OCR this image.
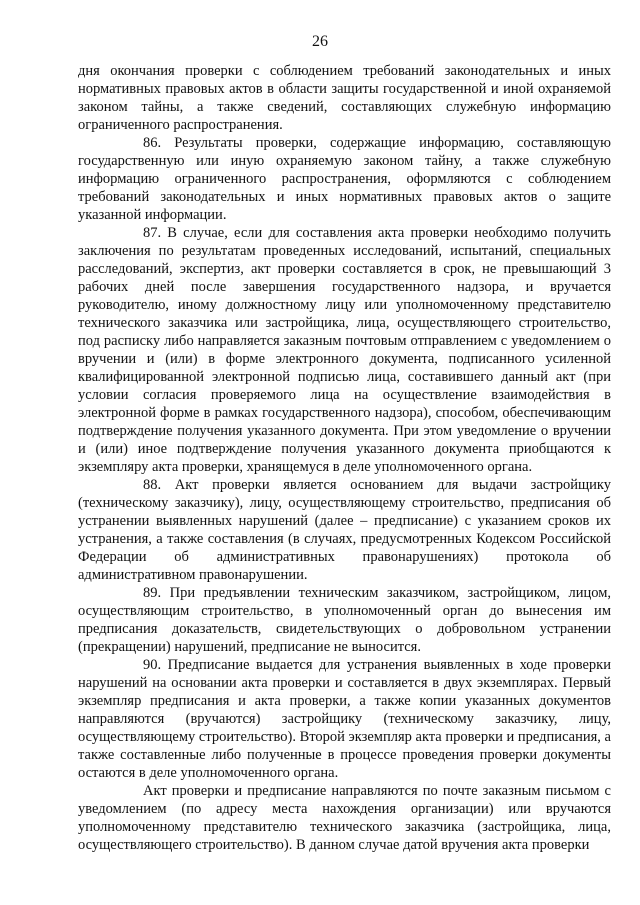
26

дня окончания проверки с соблюдением требований законодательных и иных нормативных правовых актов в области защиты государственной и иной охраняемой законом тайны, а также сведений, составляющих служебную информацию ограниченного распространения.

86. Результаты проверки, содержащие информацию, составляющую государственную или иную охраняемую законом тайну, а также служебную информацию ограниченного распространения, оформляются с соблюдением требований законодательных и иных нормативных правовых актов о защите указанной информации.

87. В случае, если для составления акта проверки необходимо получить заключения по результатам проведенных исследований, испытаний, специальных расследований, экспертиз, акт проверки составляется в срок, не превышающий 3 рабочих дней после завершения государственного надзора, и вручается руководителю, иному должностному лицу или уполномоченному представителю технического заказчика или застройщика, лица, осуществляющего строительство, под расписку либо направляется заказным почтовым отправлением с уведомлением о вручении и (или) в форме электронного документа, подписанного усиленной квалифицированной электронной подписью лица, составившего данный акт (при условии согласия проверяемого лица на осуществление взаимодействия в электронной форме в рамках государственного надзора), способом, обеспечивающим подтверждение получения указанного документа. При этом уведомление о вручении и (или) иное подтверждение получения указанного документа приобщаются к экземпляру акта проверки, хранящемуся в деле уполномоченного органа.

88. Акт проверки является основанием для выдачи застройщику (техническому заказчику), лицу, осуществляющему строительство, предписания об устранении выявленных нарушений (далее – предписание) с указанием сроков их устранения, а также составления (в случаях, предусмотренных Кодексом Российской Федерации об административных правонарушениях) протокола об административном правонарушении.

89. При предъявлении техническим заказчиком, застройщиком, лицом, осуществляющим строительство, в уполномоченный орган до вынесения им предписания доказательств, свидетельствующих о добровольном устранении (прекращении) нарушений, предписание не выносится.

90. Предписание выдается для устранения выявленных в ходе проверки нарушений на основании акта проверки и составляется в двух экземплярах. Первый экземпляр предписания и акта проверки, а также копии указанных документов направляются (вручаются) застройщику (техническому заказчику, лицу, осуществляющему строительство). Второй экземпляр акта проверки и предписания, а также составленные либо полученные в процессе проведения проверки документы остаются в деле уполномоченного органа.

Акт проверки и предписание направляются по почте заказным письмом с уведомлением (по адресу места нахождения организации) или вручаются уполномоченному представителю технического заказчика (застройщика, лица, осуществляющего строительство). В данном случае датой вручения акта проверки
